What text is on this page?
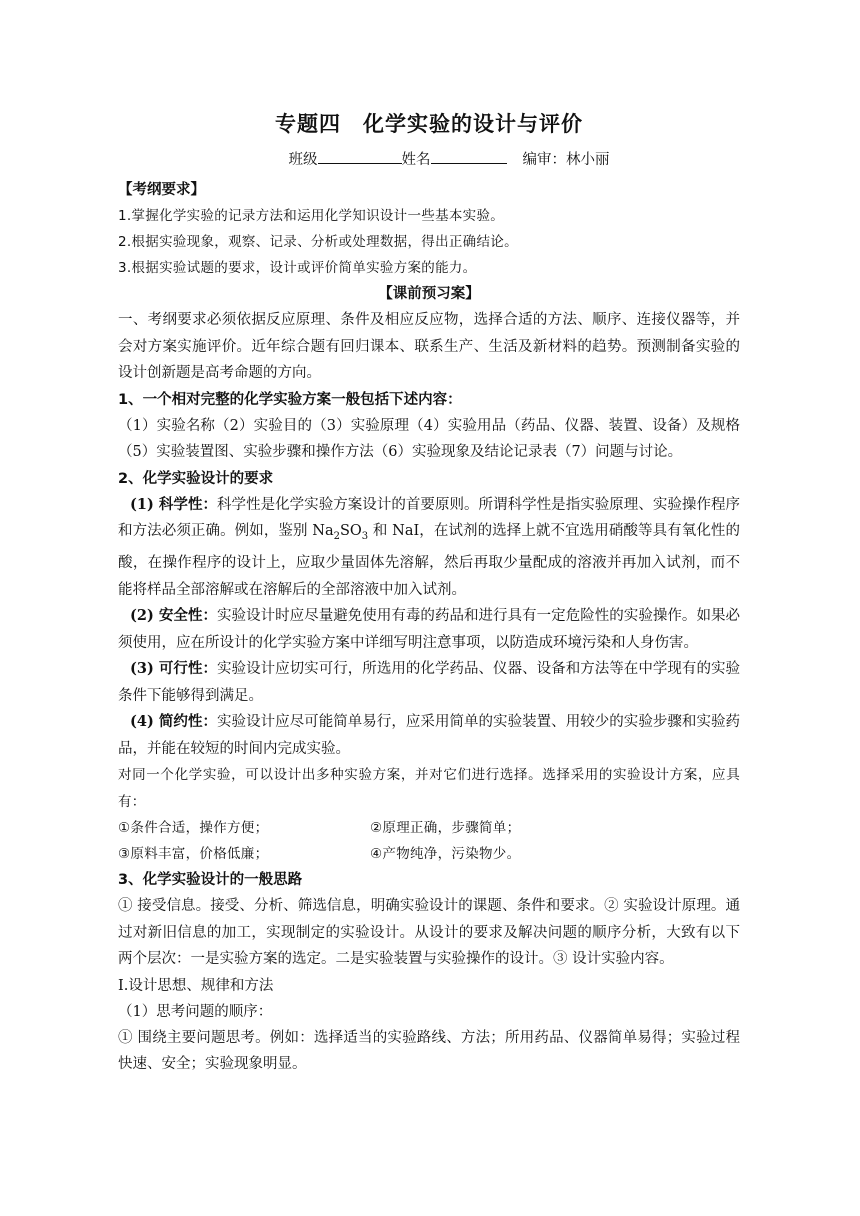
专题四 化学实验的设计与评价
班级	姓名	编审：林小丽

【考纲要求】

1.掌握化学实验的记录方法和运用化学知识设计一些基本实验。

2.根据实验现象，观察、记录、分析或处理数据，得出正确结论。

3.根据实验试题的要求，设计或评价简单实验方案的能力。

【课前预习案】

一、考纲要求必须依据反应原理、条件及相应反应物，选择合适的方法、顺序、连接仪器等，并会对方案实施评价。近年综合题有回归课本、联系生产、生活及新材料的趋势。预测制备实验的设计创新题是高考命题的方向。

1、一个相对完整的化学实验方案一般包括下述内容：

（1）实验名称（2）实验目的（3）实验原理（4）实验用品（药品、仪器、装置、设备）及规格（5）实验装置图、实验步骤和操作方法（6）实验现象及结论记录表（7）问题与讨论。

2、化学实验设计的要求

(1) 科学性：科学性是化学实验方案设计的首要原则。所谓科学性是指实验原理、实验操作程序和方法必须正确。例如，鉴别 $Na_2SO_3$ 和 NaI，在试剂的选择上就不宜选用硝酸等具有氧化性的酸，在操作程序的设计上，应取少量固体先溶解，然后再取少量配成的溶液并再加入试剂，而不能将样品全部溶解或在溶解后的全部溶液中加入试剂。

(2) 安全性：实验设计时应尽量避免使用有毒的药品和进行具有一定危险性的实验操作。如果必须使用，应在所设计的化学实验方案中详细写明注意事项，以防造成环境污染和人身伤害。

(3) 可行性：实验设计应切实可行，所选用的化学药品、仪器、设备和方法等在中学现有的实验条件下能够得到满足。

(4) 简约性：实验设计应尽可能简单易行，应采用简单的实验装置、用较少的实验步骤和实验药品，并能在较短的时间内完成实验。

对同一个化学实验，可以设计出多种实验方案，并对它们进行选择。选择采用的实验设计方案，应具有：

①条件合适，操作方便；	②原理正确，步骤简单；
③原料丰富，价格低廉；	④产物纯净，污染物少。

3、化学实验设计的一般思路

① 接受信息。接受、分析、筛选信息，明确实验设计的课题、条件和要求。② 实验设计原理。通过对新旧信息的加工，实现制定的实验设计。从设计的要求及解决问题的顺序分析，大致有以下两个层次：一是实验方案的选定。二是实验装置与实验操作的设计。③ 设计实验内容。

Ⅰ.设计思想、规律和方法

（1）思考问题的顺序：

① 围绕主要问题思考。例如：选择适当的实验路线、方法；所用药品、仪器简单易得；实验过程快速、安全；实验现象明显。
